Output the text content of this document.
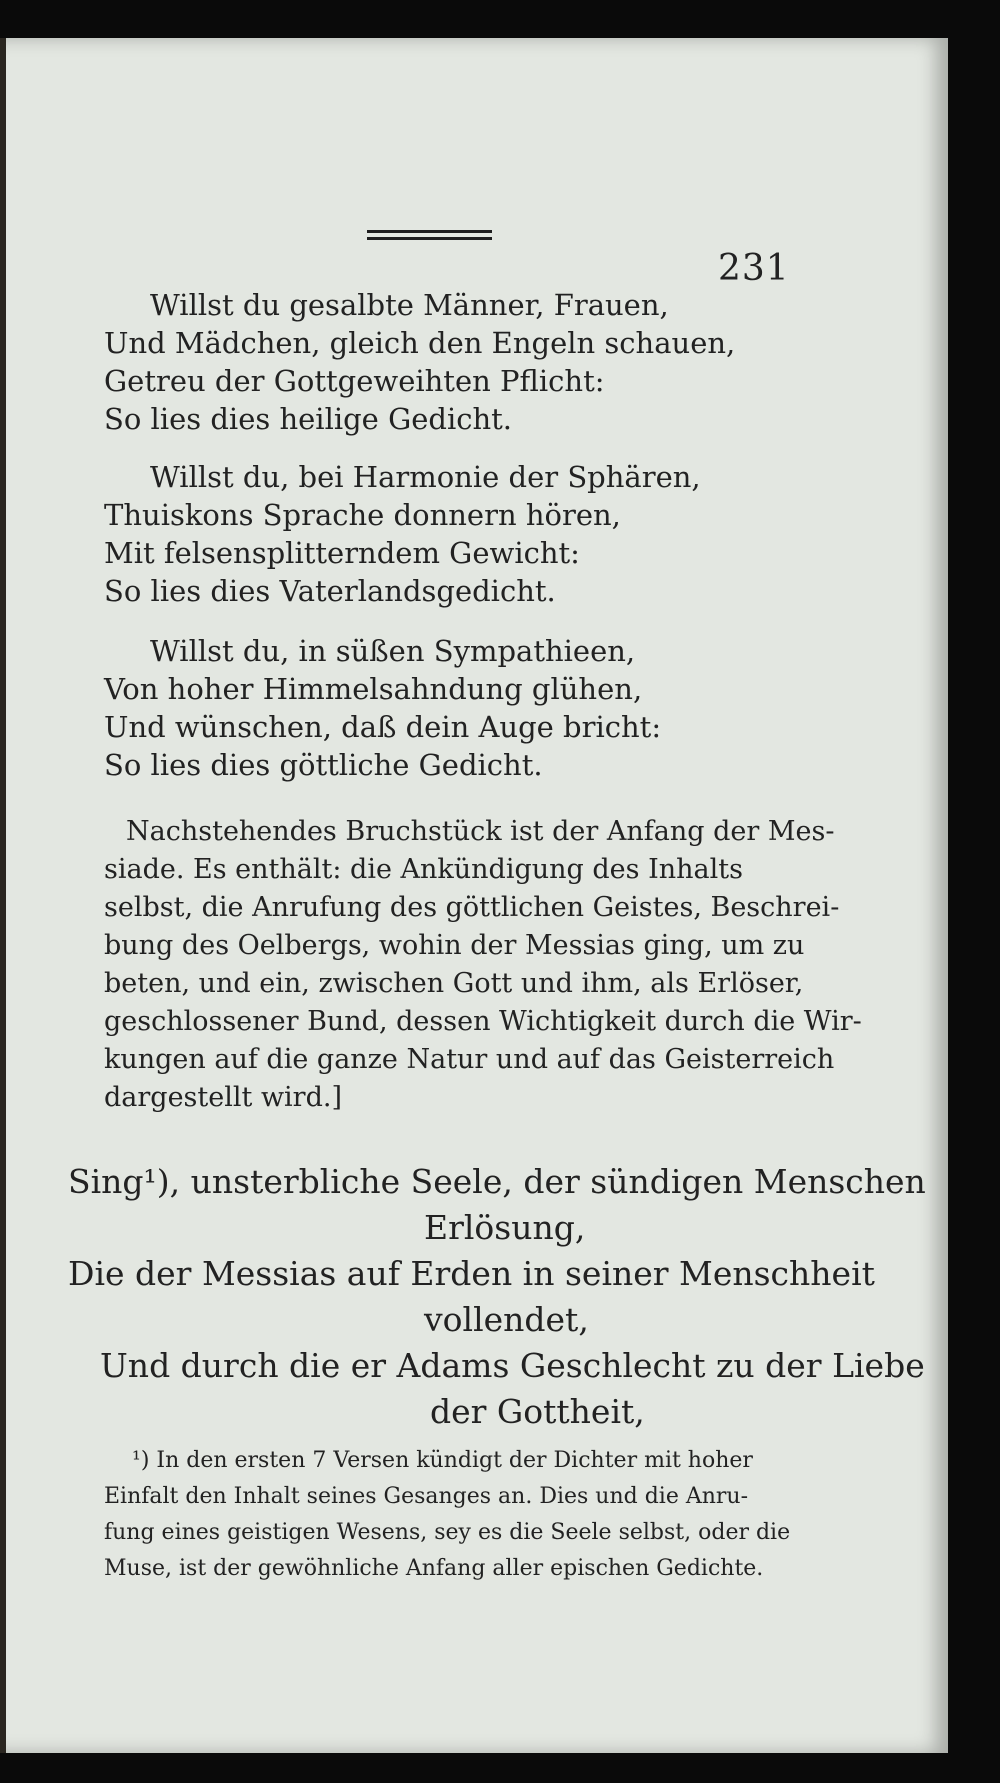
231
Willst du gesalbte Männer, Frauen,
Und Mädchen, gleich den Engeln schauen,
Getreu der Gottgeweihten Pflicht:
So lies dies heilige Gedicht.
Willst du, bei Harmonie der Sphären,
Thuiskons Sprache donnern hören,
Mit felsensplitterndem Gewicht:
So lies dies Vaterlandsgedicht.
Willst du, in süßen Sympathieen,
Von hoher Himmelsahndung glühen,
Und wünschen, daß dein Auge bricht:
So lies dies göttliche Gedicht.
Nachstehendes Bruchstück ist der Anfang der Mes-
siade. Es enthält: die Ankündigung des Inhalts
selbst, die Anrufung des göttlichen Geistes, Beschrei-
bung des Oelbergs, wohin der Messias ging, um zu
beten, und ein, zwischen Gott und ihm, als Erlöser,
geschlossener Bund, dessen Wichtigkeit durch die Wir-
kungen auf die ganze Natur und auf das Geisterreich
dargestellt wird.]
Sing¹), unsterbliche Seele, der sündigen Menschen
Erlösung,
Die der Messias auf Erden in seiner Menschheit
vollendet,
Und durch die er Adams Geschlecht zu der Liebe
der Gottheit,
¹) In den ersten 7 Versen kündigt der Dichter mit hoher
Einfalt den Inhalt seines Gesanges an. Dies und die Anru-
fung eines geistigen Wesens, sey es die Seele selbst, oder die
Muse, ist der gewöhnliche Anfang aller epischen Gedichte.
